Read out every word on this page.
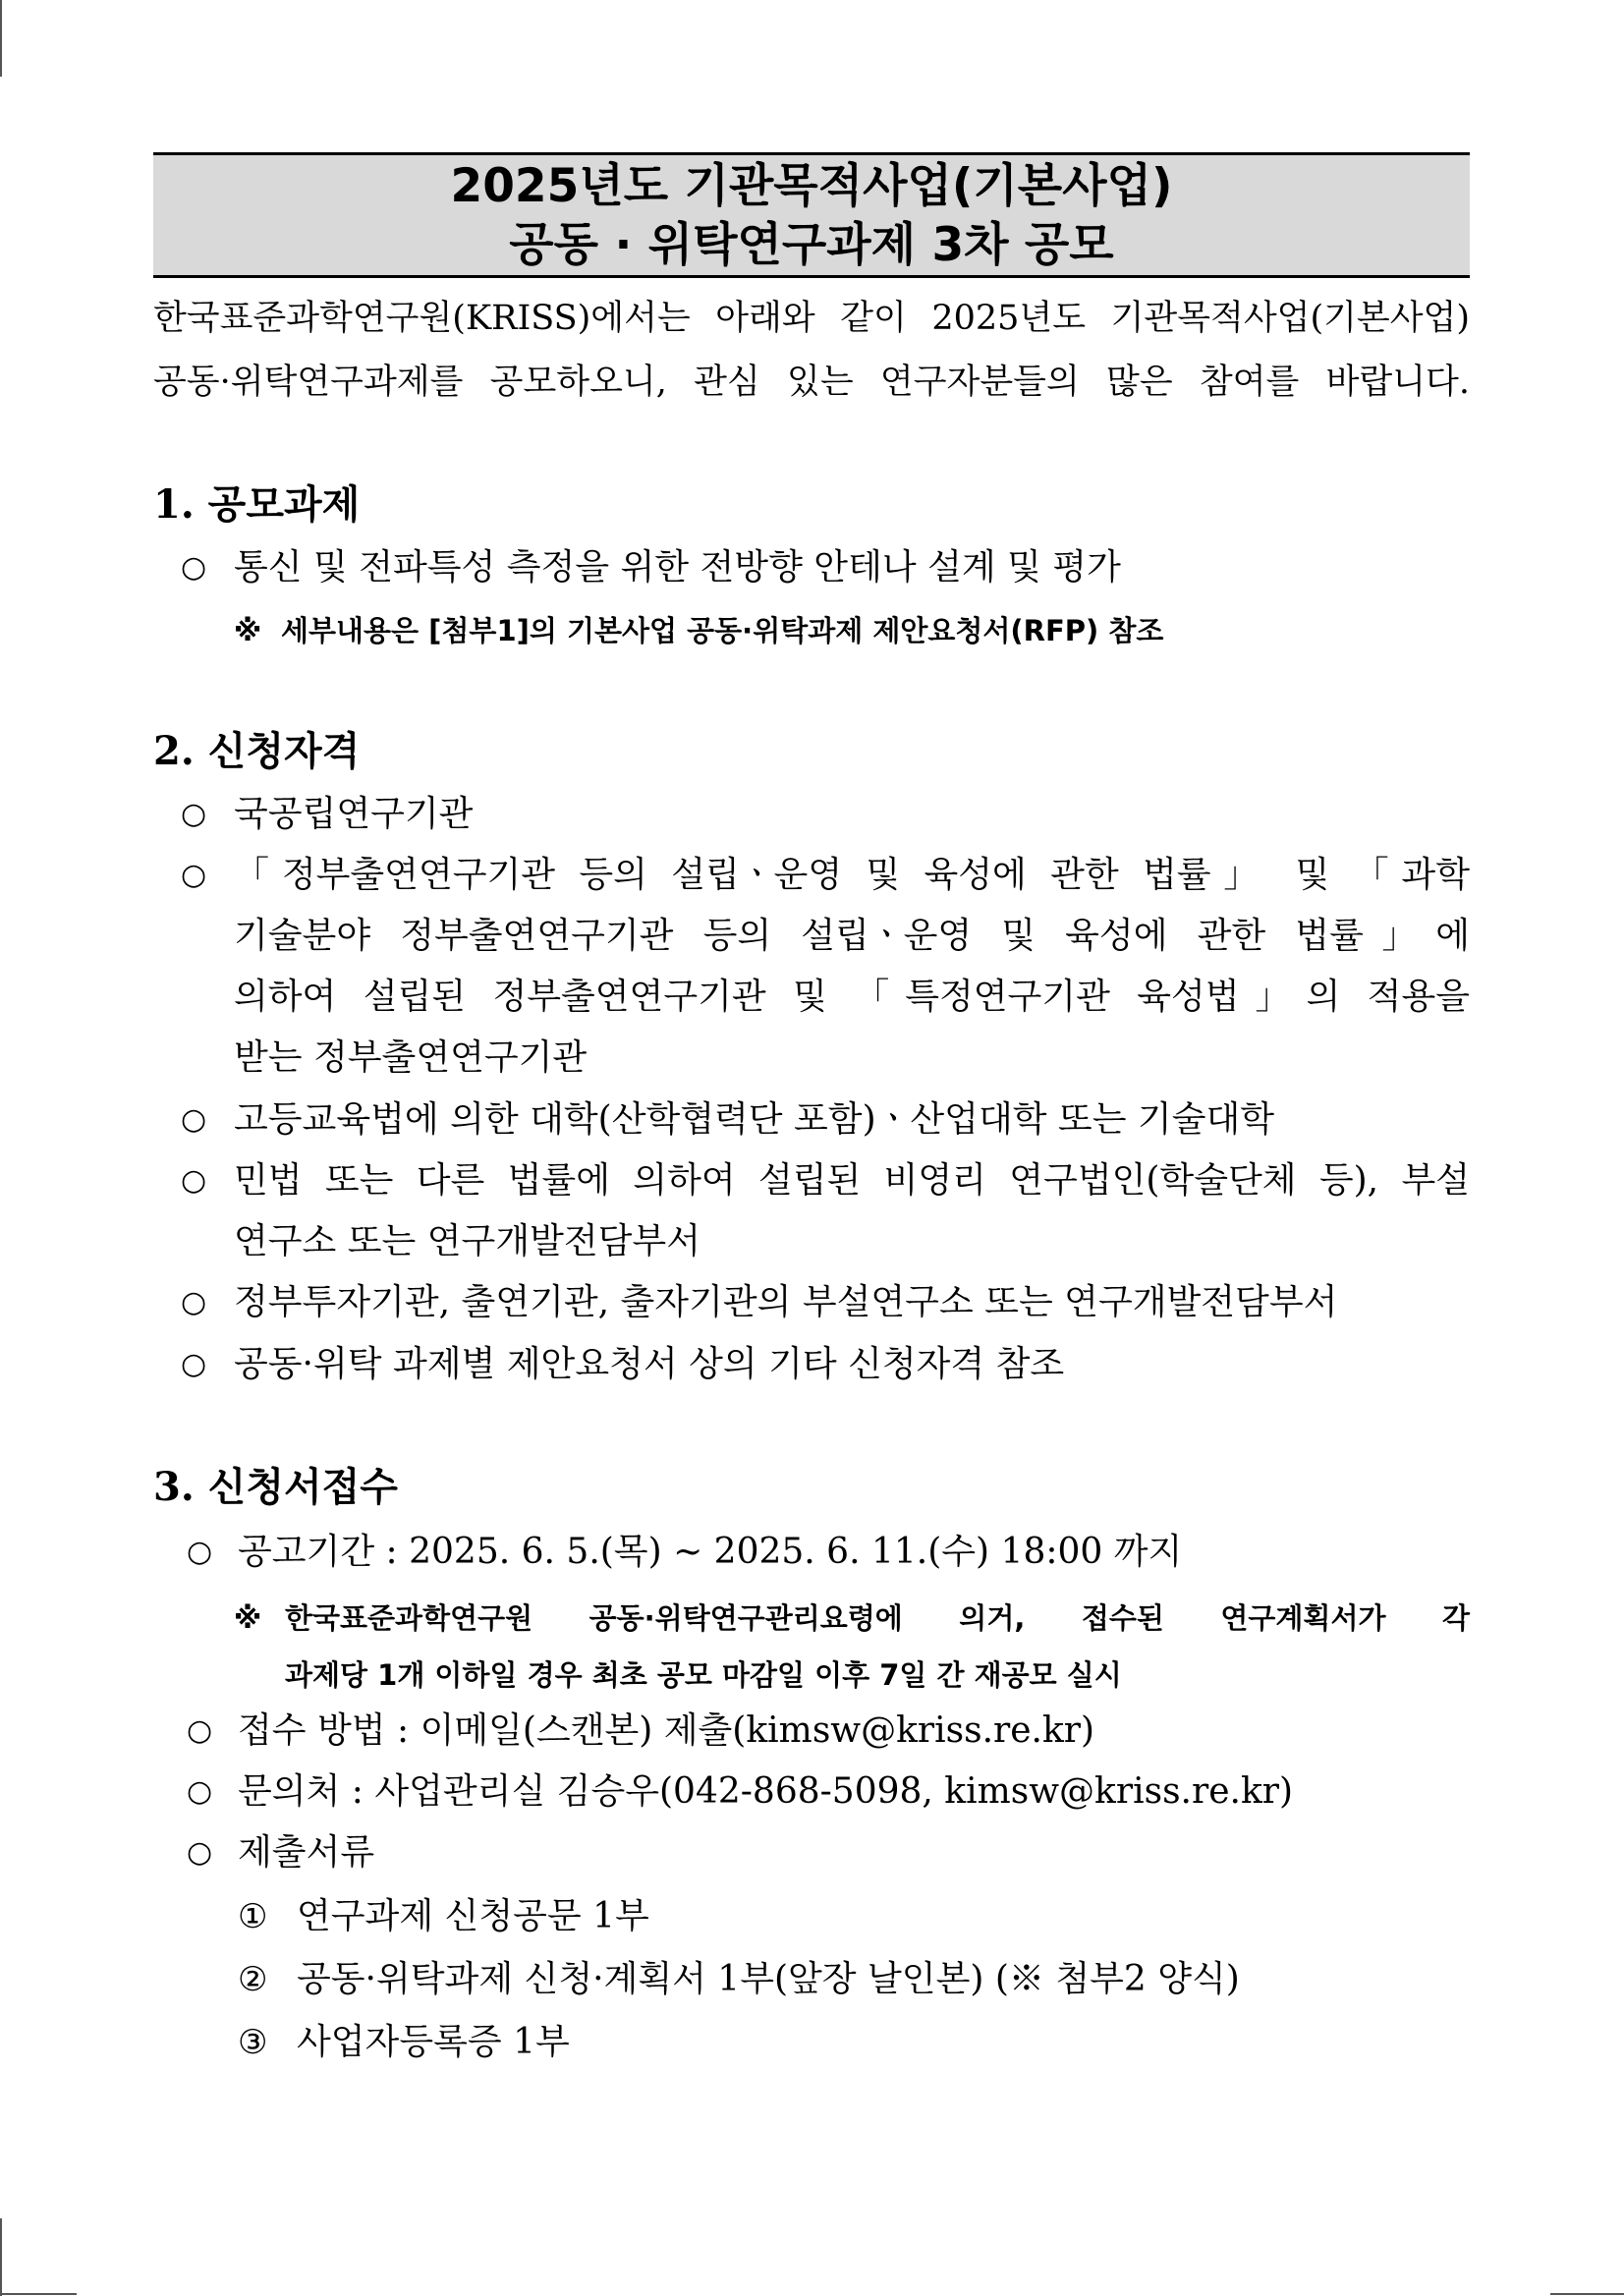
2025년도 기관목적사업(기본사업)
공동 · 위탁연구과제 3차 공모
한국표준과학연구원(KRISS)에서는 아래와 같이 2025년도 기관목적사업(기본사업)
공동·위탁연구과제를 공모하오니, 관심 있는 연구자분들의 많은 참여를 바랍니다.
1. 공모과제
○ 통신 및 전파특성 측정을 위한 전방향 안테나 설계 및 평가
※ 세부내용은 [첨부1]의 기본사업 공동·위탁과제 제안요청서(RFP) 참조
2. 신청자격
○ 국공립연구기관
○ 「정부출연연구기관 등의 설립ㆍ운영 및 육성에 관한 법률」 및 「과학
기술분야 정부출연연구기관 등의 설립ㆍ운영 및 육성에 관한 법률」에
의하여 설립된 정부출연연구기관 및 「특정연구기관 육성법」의 적용을
받는 정부출연연구기관
○ 고등교육법에 의한 대학(산학협력단 포함)ㆍ산업대학 또는 기술대학
○ 민법 또는 다른 법률에 의하여 설립된 비영리 연구법인(학술단체 등), 부설
연구소 또는 연구개발전담부서
○ 정부투자기관, 출연기관, 출자기관의 부설연구소 또는 연구개발전담부서
○ 공동·위탁 과제별 제안요청서 상의 기타 신청자격 참조
3. 신청서접수
○ 공고기간 : 2025. 6. 5.(목) ~ 2025. 6. 11.(수) 18:00 까지
※ 한국표준과학연구원 공동·위탁연구관리요령에 의거, 접수된 연구계획서가 각
과제당 1개 이하일 경우 최초 공모 마감일 이후 7일 간 재공모 실시
○ 접수 방법 : 이메일(스캔본) 제출(kimsw@kriss.re.kr)
○ 문의처 : 사업관리실 김승우(042-868-5098, kimsw@kriss.re.kr)
○ 제출서류
① 연구과제 신청공문 1부
② 공동·위탁과제 신청·계획서 1부(앞장 날인본) (※ 첨부2 양식)
③ 사업자등록증 1부
